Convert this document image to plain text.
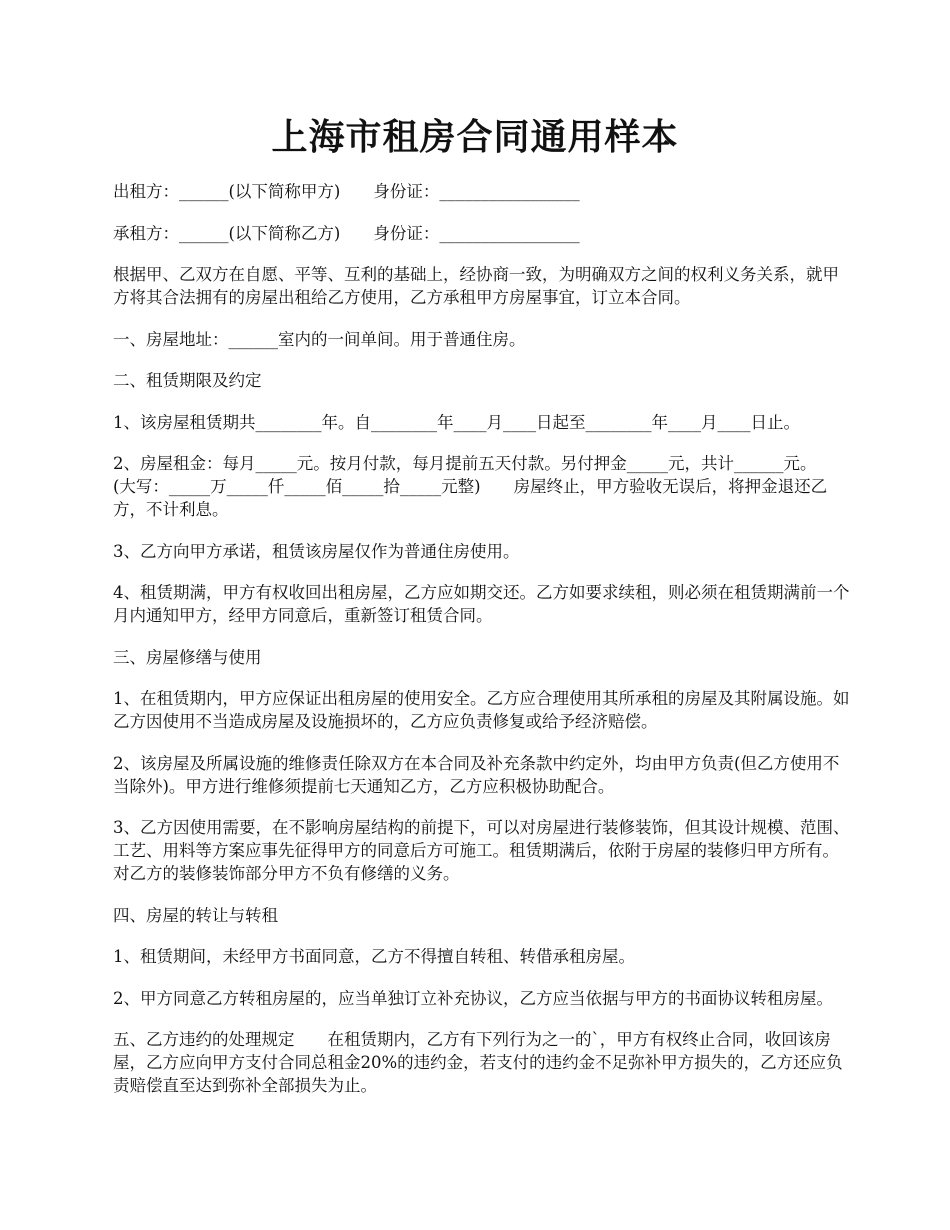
上海市租房合同通用样本

出租方：______(以下简称甲方)　　身份证：_________________

承租方：______(以下简称乙方)　　身份证：_________________

根据甲、乙双方在自愿、平等、互利的基础上，经协商一致，为明确双方之间的权利义务关系，就甲方将其合法拥有的房屋出租给乙方使用，乙方承租甲方房屋事宜，订立本合同。

一、房屋地址：______室内的一间单间。用于普通住房。

二、租赁期限及约定

1、该房屋租赁期共________年。自________年____月____日起至________年____月____日止。

2、房屋租金：每月_____元。按月付款，每月提前五天付款。另付押金_____元，共计______元。　　(大写：_____万_____仟_____佰_____拾_____元整)　　房屋终止，甲方验收无误后，将押金退还乙方，不计利息。

3、乙方向甲方承诺，租赁该房屋仅作为普通住房使用。

4、租赁期满，甲方有权收回出租房屋，乙方应如期交还。乙方如要求续租，则必须在租赁期满前一个月内通知甲方，经甲方同意后，重新签订租赁合同。

三、房屋修缮与使用

1、在租赁期内，甲方应保证出租房屋的使用安全。乙方应合理使用其所承租的房屋及其附属设施。如乙方因使用不当造成房屋及设施损坏的，乙方应负责修复或给予经济赔偿。

2、该房屋及所属设施的维修责任除双方在本合同及补充条款中约定外，均由甲方负责(但乙方使用不当除外)。甲方进行维修须提前七天通知乙方，乙方应积极协助配合。

3、乙方因使用需要，在不影响房屋结构的前提下，可以对房屋进行装修装饰，但其设计规模、范围、工艺、用料等方案应事先征得甲方的同意后方可施工。租赁期满后，依附于房屋的装修归甲方所有。对乙方的装修装饰部分甲方不负有修缮的义务。

四、房屋的转让与转租

1、租赁期间，未经甲方书面同意，乙方不得擅自转租、转借承租房屋。

2、甲方同意乙方转租房屋的，应当单独订立补充协议，乙方应当依据与甲方的书面协议转租房屋。

五、乙方违约的处理规定　　在租赁期内，乙方有下列行为之一的`，甲方有权终止合同，收回该房屋，乙方应向甲方支付合同总租金20%的违约金，若支付的违约金不足弥补甲方损失的，乙方还应负责赔偿直至达到弥补全部损失为止。
